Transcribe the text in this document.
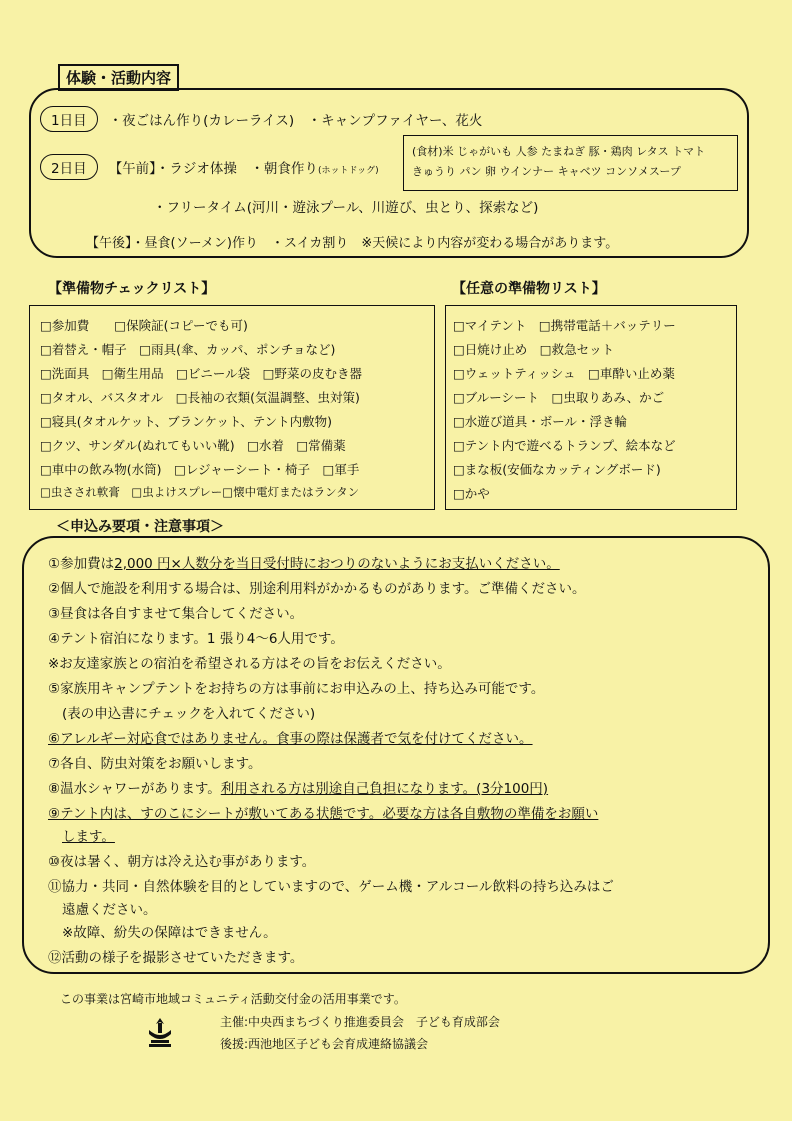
体験・活動内容
1日目 ・夜ごはん作り(カレーライス)　・キャンプファイヤー、花火
2日目 【午前】・ラジオ体操　・朝食作り(ホットドッグ)
(食材)米 じゃがいも 人参 たまねぎ 豚・鶏肉 レタス トマト
きゅうり パン 卵 ウインナー キャベツ コンソメスープ
・フリータイム(河川・遊泳プール、川遊び、虫とり、探索など)
【午後】・昼食(ソーメン)作り　・スイカ割り　※天候により内容が変わる場合があります。
【準備物チェックリスト】
□参加費　　□保険証(コピーでも可)
□着替え・帽子　□雨具(傘、カッパ、ポンチョなど)
□洗面具　□衛生用品　□ビニール袋　□野菜の皮むき器
□タオル、バスタオル　□長袖の衣類(気温調整、虫対策)
□寝具(タオルケット、ブランケット、テント内敷物)
□クツ、サンダル(ぬれてもいい靴)　□水着　□常備薬
□車中の飲み物(水筒)　□レジャーシート・椅子　□軍手
□虫さされ軟膏　□虫よけスプレー□懐中電灯またはランタン
【任意の準備物リスト】
□マイテント　□携帯電話＋バッテリー
□日焼け止め　□救急セット
□ウェットティッシュ　□車酔い止め薬
□ブルーシート　□虫取りあみ、かご
□水遊び道具・ボール・浮き輪
□テント内で遊べるトランプ、絵本など
□まな板(安価なカッティングボード)
□かや
＜申込み要項・注意事項＞
①参加費は2,000 円×人数分を当日受付時におつりのないようにお支払いください。
②個人で施設を利用する場合は、別途利用料がかかるものがあります。ご準備ください。
③昼食は各自すませて集合してください。
④テント宿泊になります。1 張り4～6人用です。
※お友達家族との宿泊を希望される方はその旨をお伝えください。
⑤家族用キャンプテントをお持ちの方は事前にお申込みの上、持ち込み可能です。
(表の申込書にチェックを入れてください)
⑥アレルギー対応食ではありません。食事の際は保護者で気を付けてください。
⑦各自、防虫対策をお願いします。
⑧温水シャワーがあります。利用される方は別途自己負担になります。(3分100円)
⑨テント内は、すのこにシートが敷いてある状態です。必要な方は各自敷物の準備をお願い
します。
⑩夜は暑く、朝方は冷え込む事があります。
⑪協力・共同・自然体験を目的としていますので、ゲーム機・アルコール飲料の持ち込みはご
遠慮ください。
※故障、紛失の保障はできません。
⑫活動の様子を撮影させていただきます。
この事業は宮崎市地域コミュニティ活動交付金の活用事業です。
主催:中央西まちづくり推進委員会　子ども育成部会
後援:西池地区子ども会育成連絡協議会
